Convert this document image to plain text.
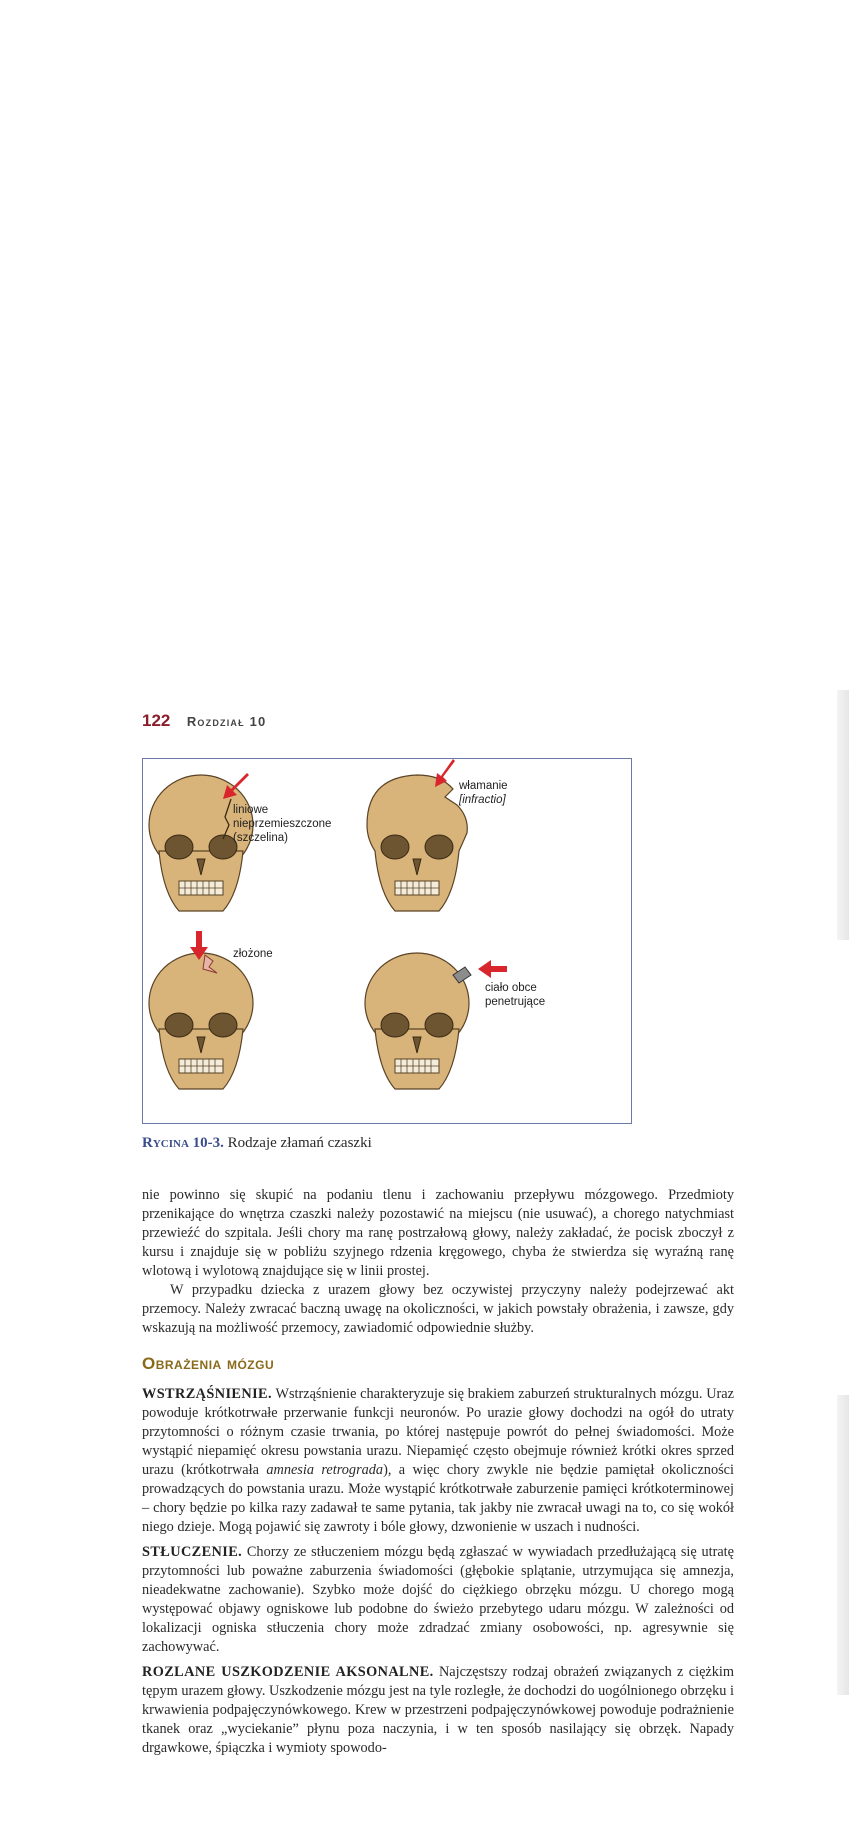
122 Rozdział 10
liniowe
nieprzemieszczone
(szczelina)
włamanie
[infractio]
złożone
ciało obce
penetrujące
Rycina 10-3. Rodzaje złamań czaszki

nie powinno się skupić na podaniu tlenu i zachowaniu przepływu mózgowego. Przedmioty przenikające do wnętrza czaszki należy pozostawić na miejscu (nie usuwać), a chorego natychmiast przewieźć do szpitala. Jeśli chory ma ranę postrzałową głowy, należy zakładać, że pocisk zboczył z kursu i znajduje się w pobliżu szyjnego rdzenia kręgowego, chyba że stwierdza się wyraźną ranę wlotową i wylotową znajdujące się w linii prostej.

W przypadku dziecka z urazem głowy bez oczywistej przyczyny należy podejrzewać akt przemocy. Należy zwracać baczną uwagę na okoliczności, w jakich powstały obrażenia, i zawsze, gdy wskazują na możliwość przemocy, zawiadomić odpowiednie służby.

Obrażenia mózgu

WSTRZĄŚNIENIE. Wstrząśnienie charakteryzuje się brakiem zaburzeń strukturalnych mózgu. Uraz powoduje krótkotrwałe przerwanie funkcji neuronów. Po urazie głowy dochodzi na ogół do utraty przytomności o różnym czasie trwania, po której następuje powrót do pełnej świadomości. Może wystąpić niepamięć okresu powstania urazu. Niepamięć często obejmuje również krótki okres sprzed urazu (krótkotrwała amnesia retrograda), a więc chory zwykle nie będzie pamiętał okoliczności prowadzących do powstania urazu. Może wystąpić krótkotrwałe zaburzenie pamięci krótkoterminowej – chory będzie po kilka razy zadawał te same pytania, tak jakby nie zwracał uwagi na to, co się wokół niego dzieje. Mogą pojawić się zawroty i bóle głowy, dzwonienie w uszach i nudności.

STŁUCZENIE. Chorzy ze stłuczeniem mózgu będą zgłaszać w wywiadach przedłużającą się utratę przytomności lub poważne zaburzenia świadomości (głębokie splątanie, utrzymująca się amnezja, nieadekwatne zachowanie). Szybko może dojść do ciężkiego obrzęku mózgu. U chorego mogą występować objawy ogniskowe lub podobne do świeżo przebytego udaru mózgu. W zależności od lokalizacji ogniska stłuczenia chory może zdradzać zmiany osobowości, np. agresywnie się zachowywać.

ROZLANE USZKODZENIE AKSONALNE. Najczęstszy rodzaj obrażeń związanych z ciężkim tępym urazem głowy. Uszkodzenie mózgu jest na tyle rozległe, że dochodzi do uogólnionego obrzęku i krwawienia podpajęczynówkowego. Krew w przestrzeni podpajęczynówkowej powoduje podrażnienie tkanek oraz „wyciekanie” płynu poza naczynia, i w ten sposób nasilający się obrzęk. Napady drgawkowe, śpiączka i wymioty spowodo-
